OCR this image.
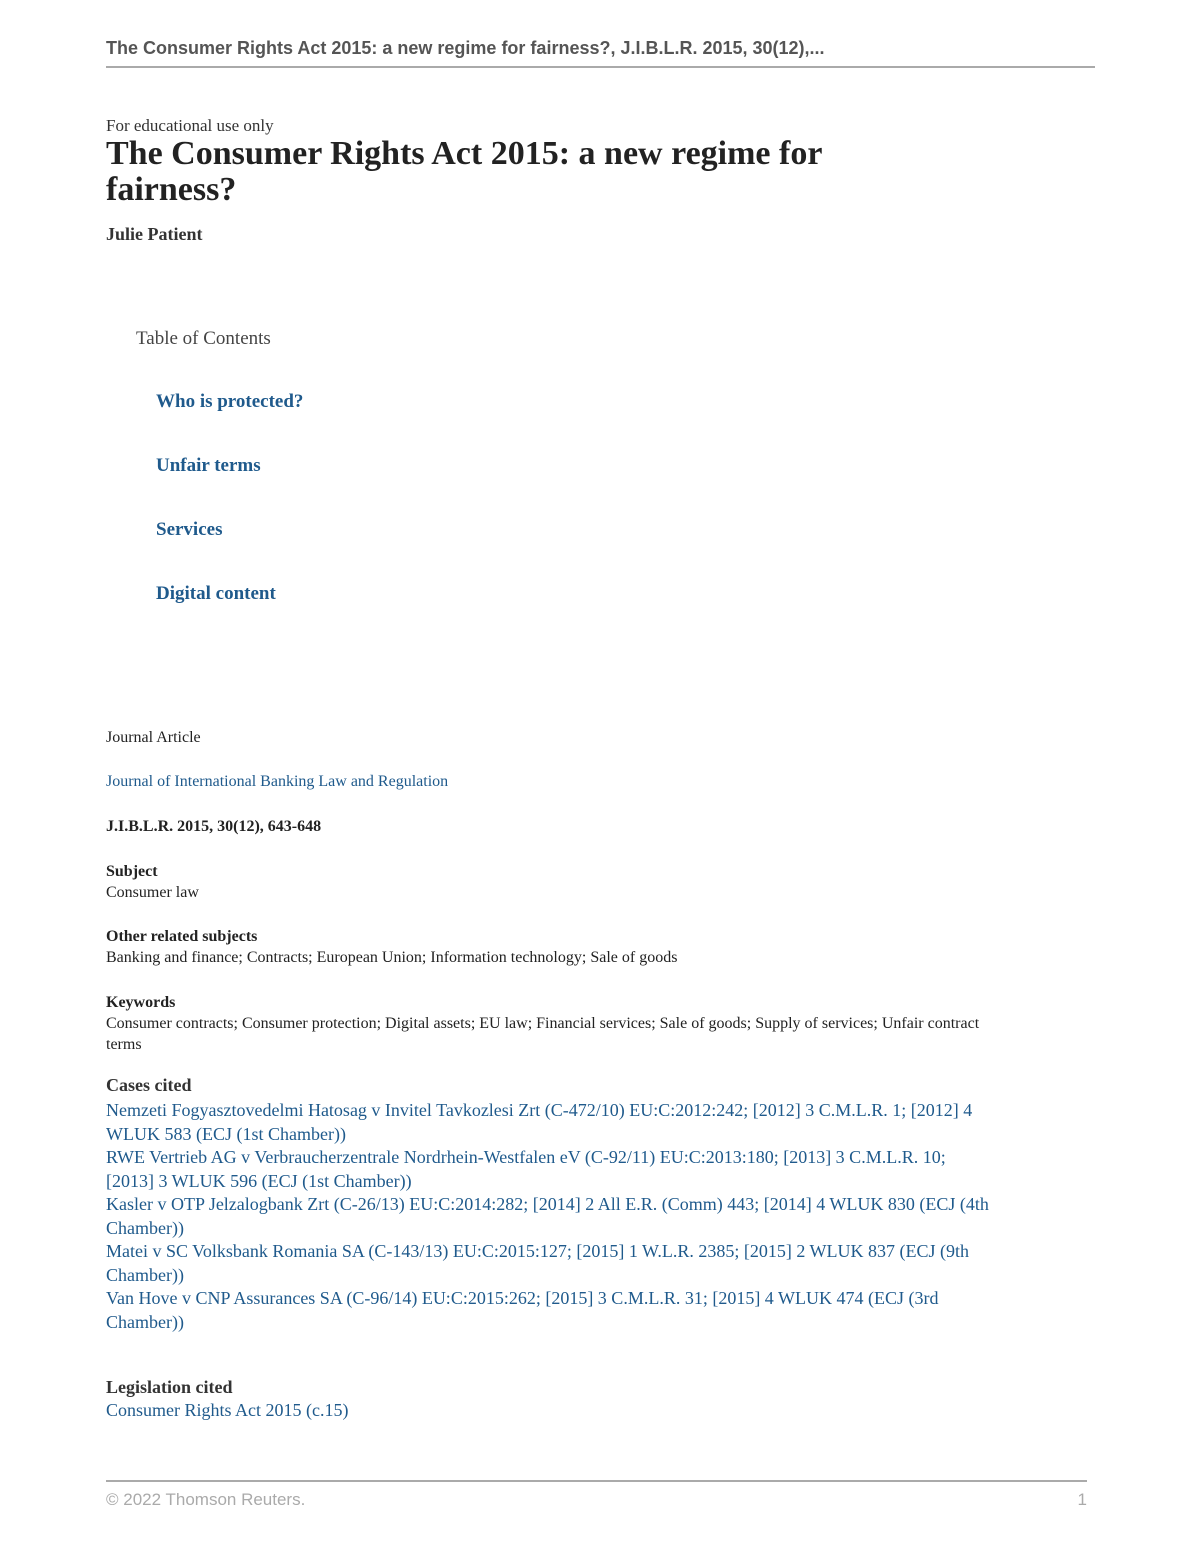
The Consumer Rights Act 2015: a new regime for fairness?, J.I.B.L.R. 2015, 30(12),...
For educational use only
The Consumer Rights Act 2015: a new regime for fairness?
Julie Patient
Table of Contents
Who is protected?
Unfair terms
Services
Digital content
Journal Article
Journal of International Banking Law and Regulation
J.I.B.L.R. 2015, 30(12), 643-648
Subject
Consumer law
Other related subjects
Banking and finance; Contracts; European Union; Information technology; Sale of goods
Keywords
Consumer contracts; Consumer protection; Digital assets; EU law; Financial services; Sale of goods; Supply of services; Unfair contract terms
Cases cited
Nemzeti Fogyasztovedelmi Hatosag v Invitel Tavkozlesi Zrt (C-472/10) EU:C:2012:242; [2012] 3 C.M.L.R. 1; [2012] 4 WLUK 583 (ECJ (1st Chamber))
RWE Vertrieb AG v Verbraucherzentrale Nordrhein-Westfalen eV (C-92/11) EU:C:2013:180; [2013] 3 C.M.L.R. 10; [2013] 3 WLUK 596 (ECJ (1st Chamber))
Kasler v OTP Jelzalogbank Zrt (C-26/13) EU:C:2014:282; [2014] 2 All E.R. (Comm) 443; [2014] 4 WLUK 830 (ECJ (4th Chamber))
Matei v SC Volksbank Romania SA (C-143/13) EU:C:2015:127; [2015] 1 W.L.R. 2385; [2015] 2 WLUK 837 (ECJ (9th Chamber))
Van Hove v CNP Assurances SA (C-96/14) EU:C:2015:262; [2015] 3 C.M.L.R. 31; [2015] 4 WLUK 474 (ECJ (3rd Chamber))
Legislation cited
Consumer Rights Act 2015 (c.15)
© 2022 Thomson Reuters.	1
